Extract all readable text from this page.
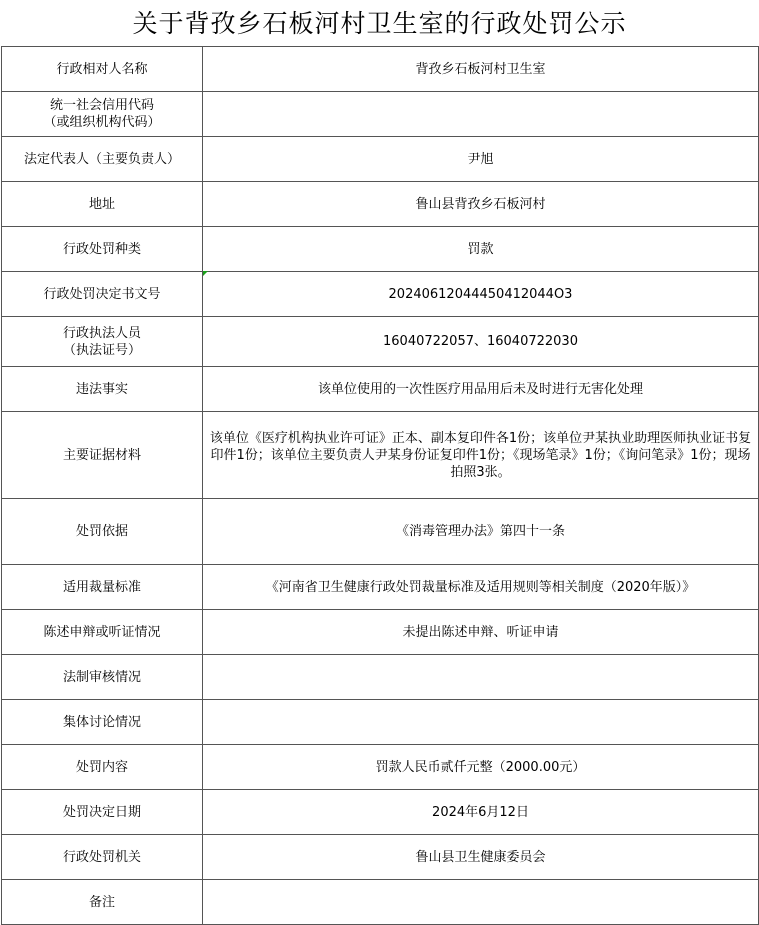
关于背孜乡石板河村卫生室的行政处罚公示
行政相对人名称	背孜乡石板河村卫生室
统一社会信用代码
（或组织机构代码）	
法定代表人（主要负责人）	尹旭
地址	鲁山县背孜乡石板河村
行政处罚种类	罚款
行政处罚决定书文号	20240612044450412044O3
行政执法人员
（执法证号）	16040722057、16040722030
违法事实	该单位使用的一次性医疗用品用后未及时进行无害化处理
主要证据材料	该单位《医疗机构执业许可证》正本、副本复印件各1份；该单位尹某执业助理医师执业证书复印件1份；该单位主要负责人尹某身份证复印件1份；《现场笔录》1份；《询问笔录》1份；现场拍照3张。
处罚依据	《消毒管理办法》第四十一条
适用裁量标准	《河南省卫生健康行政处罚裁量标准及适用规则等相关制度（2020年版）》
陈述申辩或听证情况	未提出陈述申辩、听证申请
法制审核情况	
集体讨论情况	
处罚内容	罚款人民币贰仟元整（2000.00元）
处罚决定日期	2024年6月12日
行政处罚机关	鲁山县卫生健康委员会
备注	
